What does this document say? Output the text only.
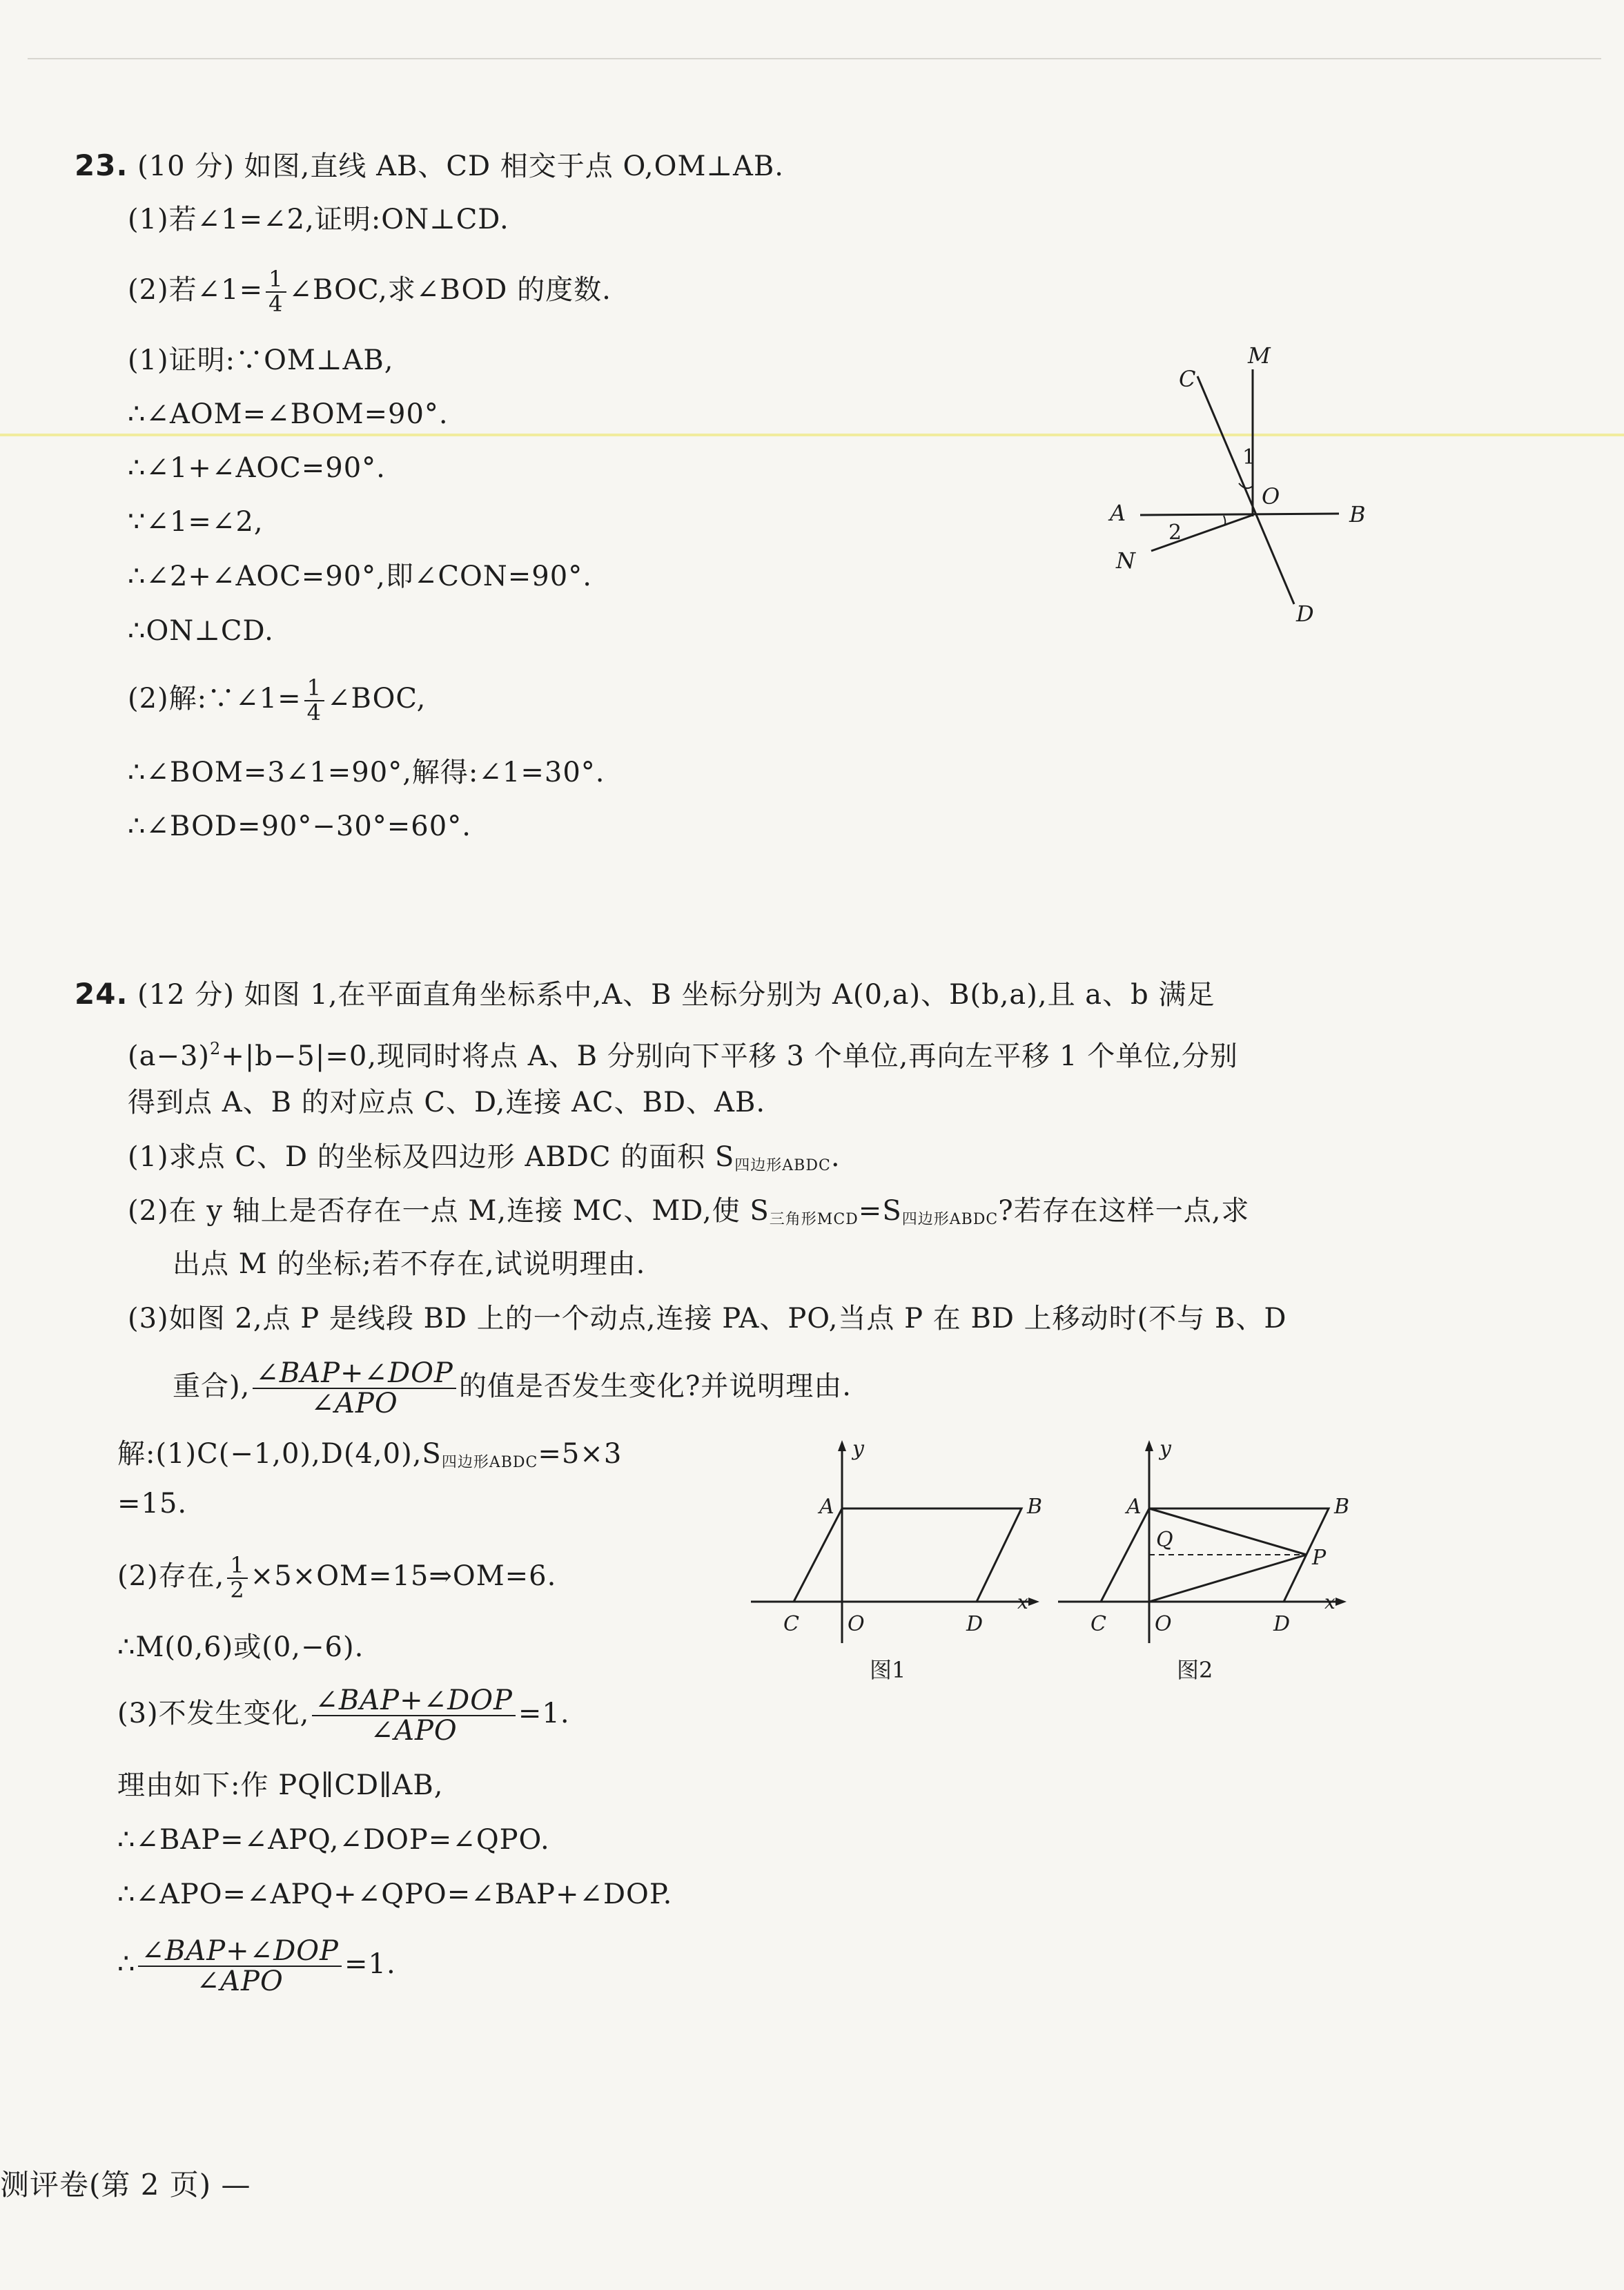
23. (10 分) 如图,直线 AB、CD 相交于点 O,OM⊥AB.
(1)若∠1=∠2,证明:ON⊥CD.
(2)若∠1= $\frac{1}{4}$ ∠BOC,求∠BOD 的度数.
(1)证明:∵OM⊥AB,
∴∠AOM=∠BOM=90°.
∴∠1+∠AOC=90°.
∵∠1=∠2,
∴∠2+∠AOC=90°,即∠CON=90°.
∴ON⊥CD.
(2)解:∵∠1= $\frac{1}{4}$ ∠BOC,
∴∠BOM=3∠1=90°,解得:∠1=30°.
∴∠BOD=90°−30°=60°.
M
C
1
O
A	B
2
N
D
24. (12 分) 如图 1,在平面直角坐标系中,A、B 坐标分别为 A(0,a)、B(b,a),且 a、b 满足
$(a-3)^2+|b-5|=0$,现同时将点 A、B 分别向下平移 3 个单位,再向左平移 1 个单位,分别
得到点 A、B 的对应点 C、D,连接 AC、BD、AB.
(1)求点 C、D 的坐标及四边形 ABDC 的面积 $S_{四边形ABDC}$.
(2)在 y 轴上是否存在一点 M,连接 MC、MD,使 $S_{三角形MCD}=S_{四边形ABDC}$?若存在这样一点,求
出点 M 的坐标;若不存在,试说明理由.
(3)如图 2,点 P 是线段 BD 上的一个动点,连接 PA、PO,当点 P 在 BD 上移动时(不与 B、D
重合), $\frac{\text{∠BAP+∠DOP}}{\text{∠APO}}$ 的值是否发生变化?并说明理由.
解$:(1)C(-1,0),D(4,0),S_{四边形ABDC}=5\times 3$
=15.
(2)存在, $\frac{1}{2}$ ×5×OM=15⇒OM=6.
∴M(0,6)或(0,−6).
(3)不发生变化, $\frac{\text{∠BAP+∠DOP}}{\text{∠APO}} =1$.
理由如下:作 PQ∥CD∥AB,
∴∠BAP=∠APQ,∠DOP=∠QPO.
∴∠APO=∠APQ+∠QPO=∠BAP+∠DOP.
∴ $\frac{\text{∠BAP+∠DOP}}{\text{∠APO}} =1$.
y
A	B
C O	D
x
图1
y
A	B
Q
P
C O	D
x
图2
测评卷(第 2 页) —
